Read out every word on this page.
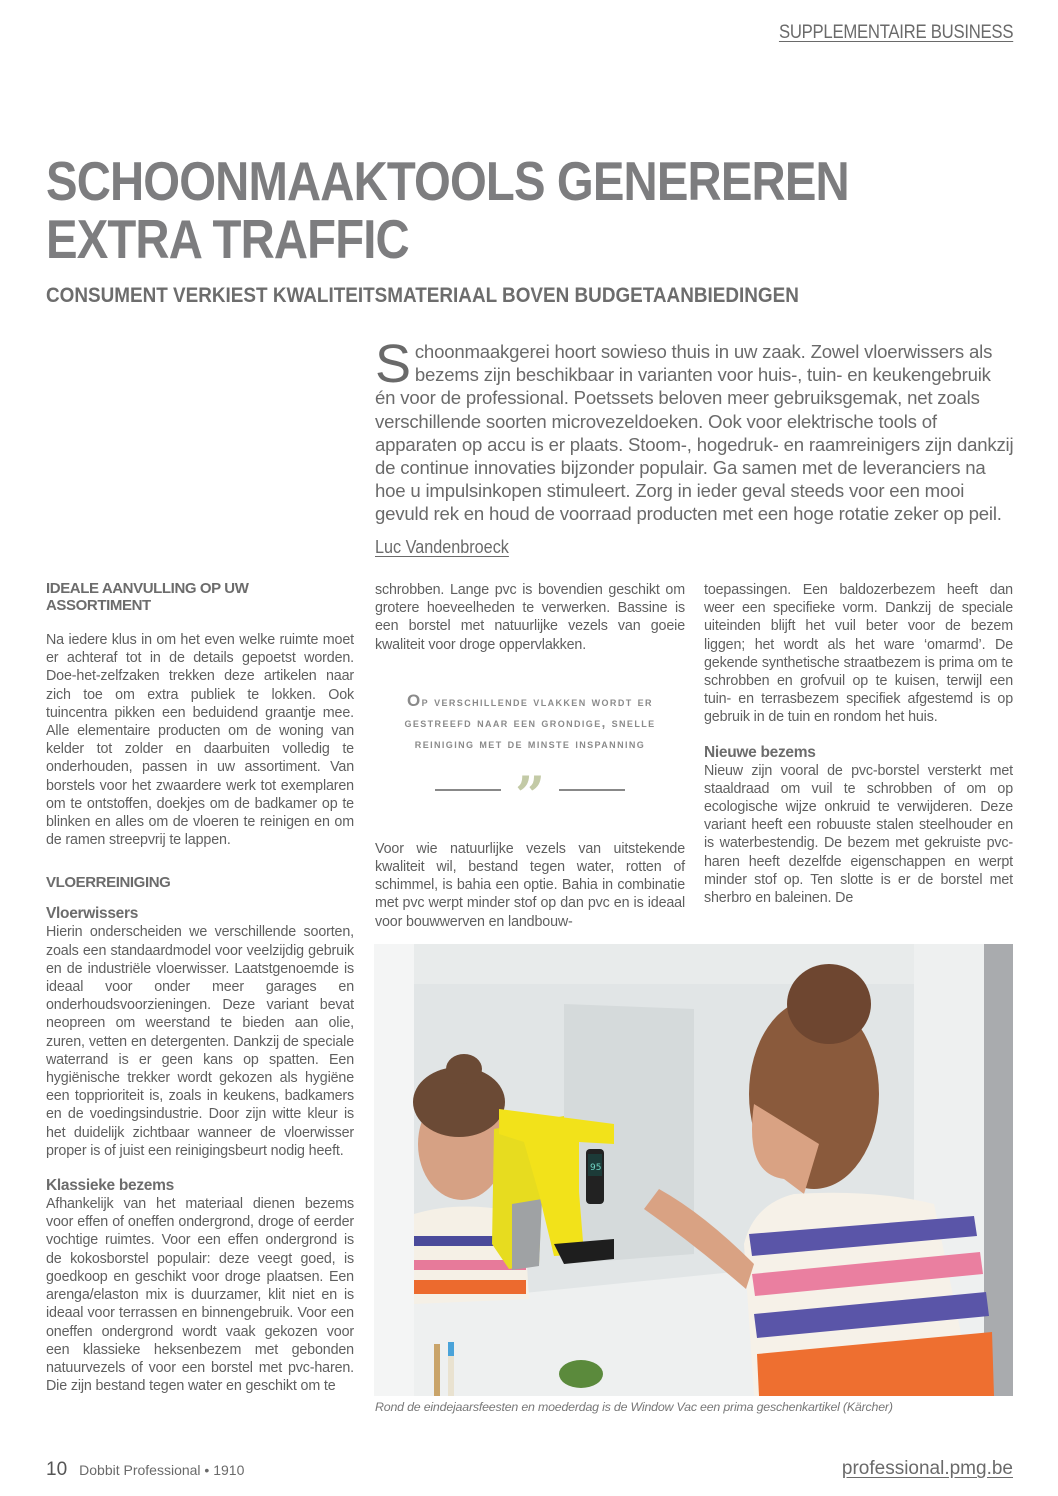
SUPPLEMENTAIRE BUSINESS
SCHOONMAAKTOOLS GENEREREN
EXTRA TRAFFIC
CONSUMENT VERKIEST KWALITEITSMATERIAAL BOVEN BUDGETAANBIEDINGEN
S choonmaakgerei hoort sowieso thuis in uw zaak. Zowel vloerwissers als bezems zijn beschikbaar in varianten voor huis-, tuin- en keukengebruik én voor de professional. Poetssets beloven meer gebruiksgemak, net zoals verschillende soorten microvezeldoeken. Ook voor elektrische tools of apparaten op accu is er plaats. Stoom-, hogedruk- en raamreinigers zijn dankzij de continue innovaties bijzonder populair. Ga samen met de leveranciers na hoe u impulsinkopen stimuleert. Zorg in ieder geval steeds voor een mooi gevuld rek en houd de voorraad producten met een hoge rotatie zeker op peil.
Luc Vandenbroeck
IDEALE AANVULLING OP UW ASSORTIMENT

Na iedere klus in om het even welke ruimte moet er achteraf tot in de details gepoetst worden. Doe-het-zelfzaken trekken deze artikelen naar zich toe om extra publiek te lokken. Ook tuincentra pikken een beduidend graantje mee. Alle elementaire producten om de woning van kelder tot zolder en daarbuiten volledig te onderhouden, passen in uw assortiment. Van borstels voor het zwaardere werk tot exemplaren om te ontstoffen, doekjes om de badkamer op te blinken en alles om de vloeren te reinigen en om de ramen streepvrij te lappen.

VLOERREINIGING
Vloerwissers

Hierin onderscheiden we verschillende soorten, zoals een standaardmodel voor veelzijdig gebruik en de industriële vloerwisser. Laatstgenoemde is ideaal voor onder meer garages en onderhoudsvoorzieningen. Deze variant bevat neopreen om weerstand te bieden aan olie, zuren, vetten en detergenten. Dankzij de speciale waterrand is er geen kans op spatten. Een hygiënische trekker wordt gekozen als hygiëne een topprioriteit is, zoals in keukens, badkamers en de voedingsindustrie. Door zijn witte kleur is het duidelijk zichtbaar wanneer de vloerwisser proper is of juist een reinigingsbeurt nodig heeft.

Klassieke bezems

Afhankelijk van het materiaal dienen bezems voor effen of oneffen ondergrond, droge of eerder vochtige ruimtes. Voor een effen ondergrond is de kokosborstel populair: deze veegt goed, is goedkoop en geschikt voor droge plaatsen. Een arenga/elaston mix is duurzamer, klit niet en is ideaal voor terrassen en binnengebruik. Voor een oneffen ondergrond wordt vaak gekozen voor een klassieke heksenbezem met gebonden natuurvezels of voor een borstel met pvc-haren. Die zijn bestand tegen water en geschikt om te

schrobben. Lange pvc is bovendien geschikt om grotere hoeveelheden te verwerken. Bassine is een borstel met natuurlijke vezels van goeie kwaliteit voor droge oppervlakken.

Op verschillende vlakken wordt er gestreefd naar een grondige, snelle reiniging met de minste inspanning
”

Voor wie natuurlijke vezels van uitstekende kwaliteit wil, bestand tegen water, rotten of schimmel, is bahia een optie. Bahia in combinatie met pvc werpt minder stof op dan pvc en is ideaal voor bouwwerven en landbouw-

toepassingen. Een baldozerbezem heeft dan weer een specifieke vorm. Dankzij de speciale uiteinden blijft het vuil beter voor de bezem liggen; het wordt als het ware ‘omarmd’. De gekende synthetische straatbezem is prima om te schrobben en grofvuil op te kuisen, terwijl een tuin- en terrasbezem specifiek afgestemd is op gebruik in de tuin en rondom het huis.

Nieuwe bezems

Nieuw zijn vooral de pvc-borstel versterkt met staaldraad om vuil te schrobben of om op ecologische wijze onkruid te verwijderen. Deze variant heeft een robuuste stalen steelhouder en is waterbestendig. De bezem met gekruiste pvc-haren heeft dezelfde eigenschappen en werpt minder stof op. Ten slotte is er de borstel met sherbro en baleinen. De

95
Rond de eindejaarsfeesten en moederdag is de Window Vac een prima geschenkartikel (Kärcher)
10 Dobbit Professional • 1910	professional.pmg.be
